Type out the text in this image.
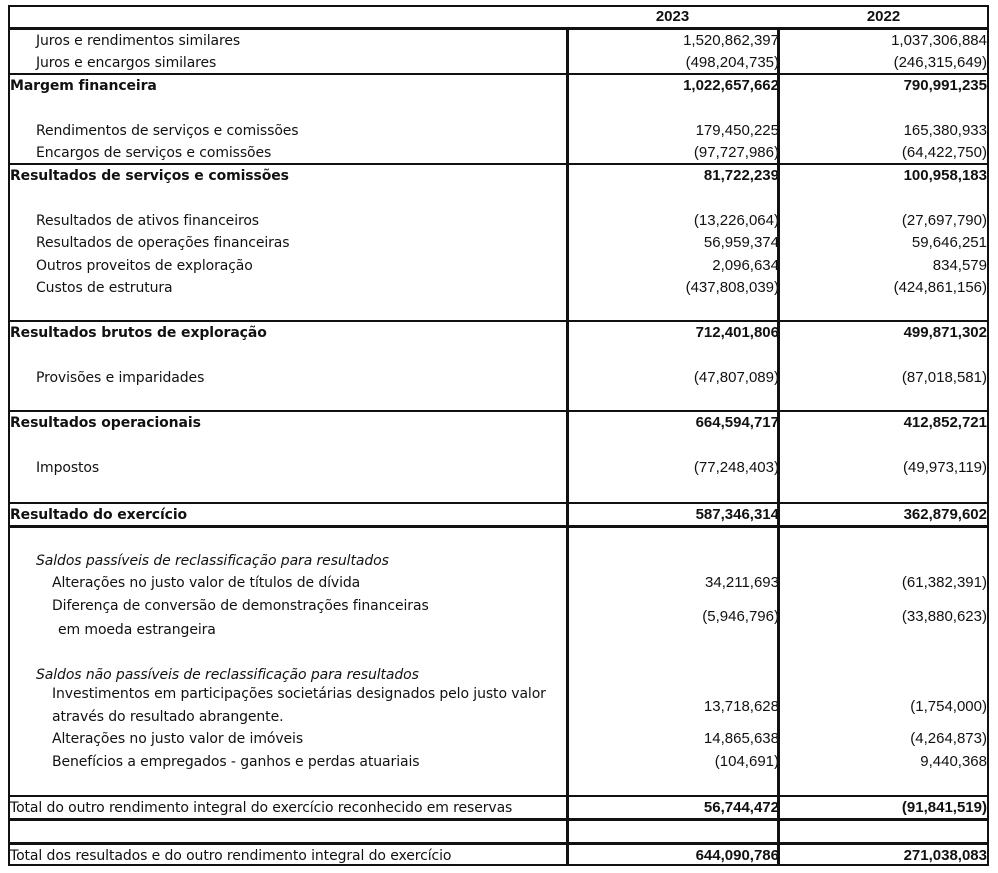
2023	2022
Juros e rendimentos similares	1,520,862,397	1,037,306,884
Juros e encargos similares	(498,204,735)	(246,315,649)
Margem financeira	1,022,657,662	790,991,235
Rendimentos de serviços e comissões	179,450,225	165,380,933
Encargos de serviços e comissões	(97,727,986)	(64,422,750)
Resultados de serviços e comissões	81,722,239	100,958,183
Resultados de ativos financeiros	(13,226,064)	(27,697,790)
Resultados de operações financeiras	56,959,374	59,646,251
Outros proveitos de exploração	2,096,634	834,579
Custos de estrutura	(437,808,039)	(424,861,156)
Resultados brutos de exploração	712,401,806	499,871,302
Provisões e imparidades	(47,807,089)	(87,018,581)
Resultados operacionais	664,594,717	412,852,721
Impostos	(77,248,403)	(49,973,119)
Resultado do exercício	587,346,314	362,879,602
Saldos passíveis de reclassificação para resultados
Alterações no justo valor de títulos de dívida	34,211,693	(61,382,391)
Diferença de conversão de demonstrações financeiras
em moeda estrangeira
(5,946,796)	(33,880,623)
Saldos não passíveis de reclassificação para resultados
Investimentos em participações societárias designados pelo justo valor
através do resultado abrangente.
13,718,628	(1,754,000)
Alterações no justo valor de imóveis	14,865,638	(4,264,873)
Benefícios a empregados - ganhos e perdas atuariais	(104,691)	9,440,368
Total do outro rendimento integral do exercício reconhecido em reservas	56,744,472	(91,841,519)
Total dos resultados e do outro rendimento integral do exercício	644,090,786	271,038,083
